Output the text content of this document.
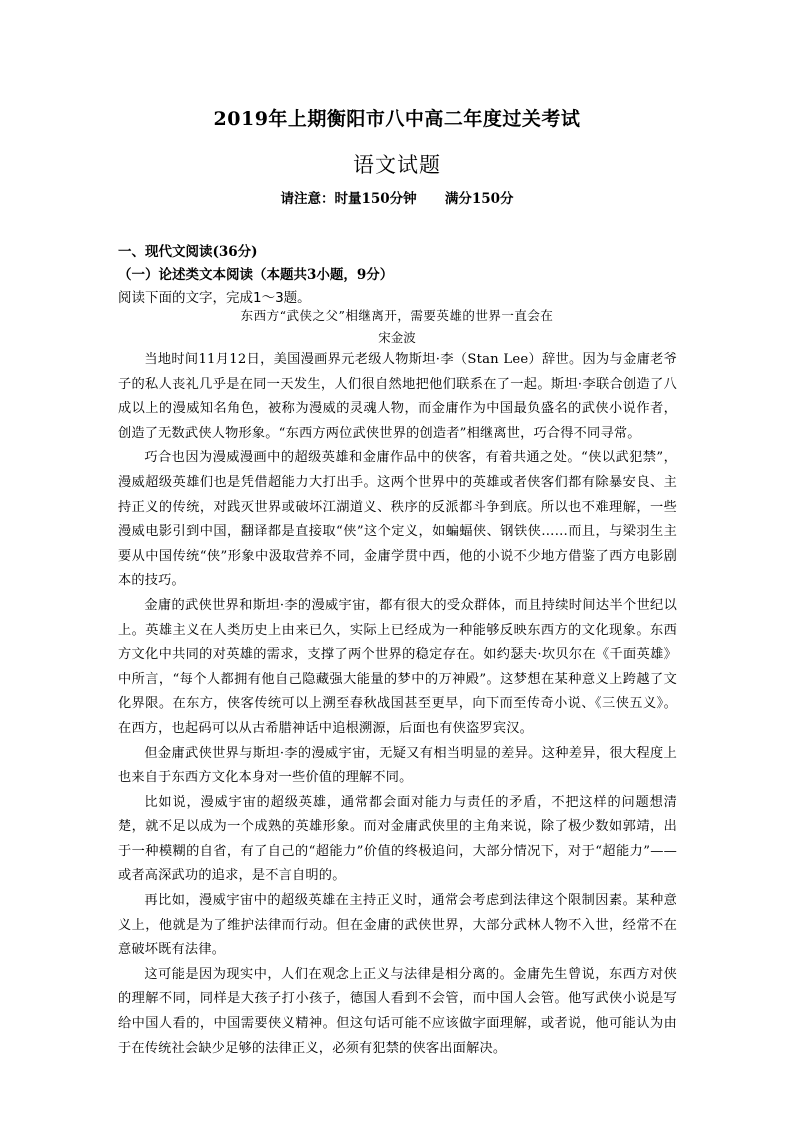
2019年上期衡阳市八中高二年度过关考试
语文试题
请注意：时量150分钟      满分150分
一、现代文阅读(36分)
（一）论述类文本阅读（本题共3小题，9分）
阅读下面的文字，完成1～3题。
东西方“武侠之父”相继离开，需要英雄的世界一直会在
宋金波

当地时间11月12日，美国漫画界元老级人物斯坦·李（Stan Lee）辞世。因为与金庸老爷子的私人丧礼几乎是在同一天发生，人们很自然地把他们联系在了一起。斯坦·李联合创造了八成以上的漫威知名角色，被称为漫威的灵魂人物，而金庸作为中国最负盛名的武侠小说作者，创造了无数武侠人物形象。“东西方两位武侠世界的创造者”相继离世，巧合得不同寻常。

巧合也因为漫威漫画中的超级英雄和金庸作品中的侠客，有着共通之处。“侠以武犯禁”，漫威超级英雄们也是凭借超能力大打出手。这两个世界中的英雄或者侠客们都有除暴安良、主持正义的传统，对践灭世界或破坏江湖道义、秩序的反派都斗争到底。所以也不难理解，一些漫威电影引到中国，翻译都是直接取“侠”这个定义，如蝙蝠侠、钢铁侠……而且，与梁羽生主要从中国传统“侠”形象中汲取营养不同，金庸学贯中西，他的小说不少地方借鉴了西方电影剧本的技巧。

金庸的武侠世界和斯坦·李的漫威宇宙，都有很大的受众群体，而且持续时间达半个世纪以上。英雄主义在人类历史上由来已久，实际上已经成为一种能够反映东西方的文化现象。东西方文化中共同的对英雄的需求，支撑了两个世界的稳定存在。如约瑟夫·坎贝尔在《千面英雄》中所言，“每个人都拥有他自己隐藏强大能量的梦中的万神殿”。这梦想在某种意义上跨越了文化界限。在东方，侠客传统可以上溯至春秋战国甚至更早，向下而至传奇小说、《三侠五义》。在西方，也起码可以从古希腊神话中追根溯源，后面也有侠盗罗宾汉。

但金庸武侠世界与斯坦·李的漫威宇宙，无疑又有相当明显的差异。这种差异，很大程度上也来自于东西方文化本身对一些价值的理解不同。

比如说，漫威宇宙的超级英雄，通常都会面对能力与责任的矛盾，不把这样的问题想清楚，就不足以成为一个成熟的英雄形象。而对金庸武侠里的主角来说，除了极少数如郭靖，出于一种模糊的自省，有了自己的“超能力”价值的终极追问，大部分情况下，对于“超能力”——或者高深武功的追求，是不言自明的。

再比如，漫威宇宙中的超级英雄在主持正义时，通常会考虑到法律这个限制因素。某种意义上，他就是为了维护法律而行动。但在金庸的武侠世界，大部分武林人物不入世，经常不在意破坏既有法律。

这可能是因为现实中，人们在观念上正义与法律是相分离的。金庸先生曾说，东西方对侠的理解不同，同样是大孩子打小孩子，德国人看到不会管，而中国人会管。他写武侠小说是写给中国人看的，中国需要侠义精神。但这句话可能不应该做字面理解，或者说，他可能认为由于在传统社会缺少足够的法律正义，必须有犯禁的侠客出面解决。
